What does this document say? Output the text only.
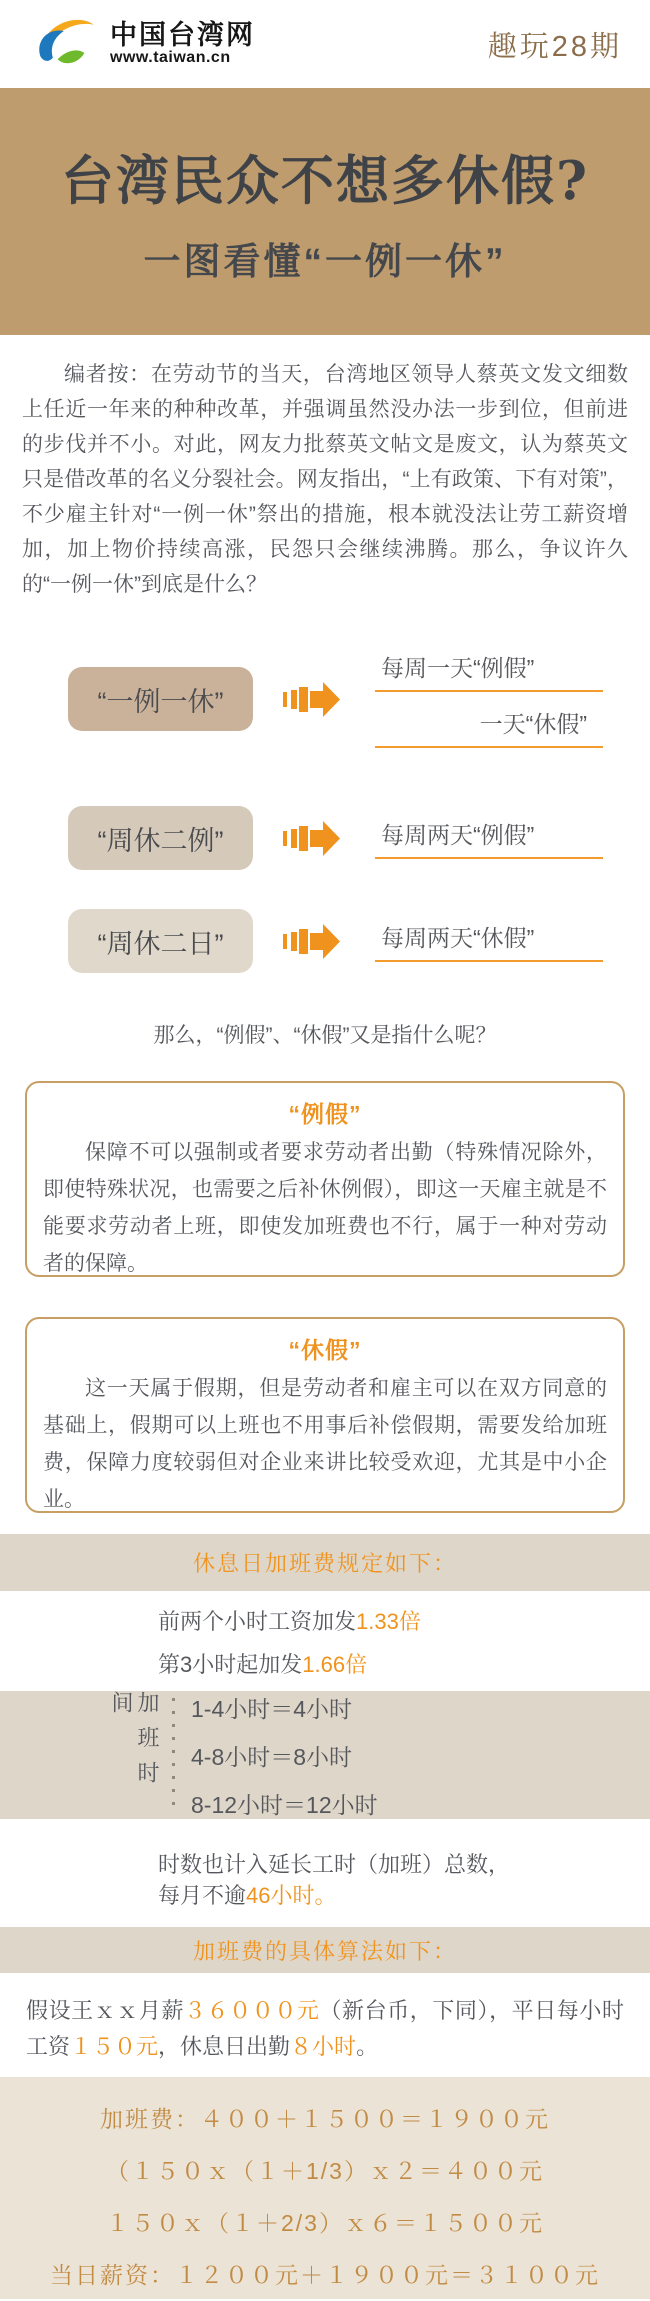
中国台湾网
www.taiwan.cn	趣玩28期
台湾民众不想多休假?
一图看懂“一例一休”

编者按：在劳动节的当天，台湾地区领导人蔡英文发文细数上任近一年来的种种改革，并强调虽然没办法一步到位，但前进的步伐并不小。对此，网友力批蔡英文帖文是废文，认为蔡英文只是借改革的名义分裂社会。网友指出，“上有政策、下有对策”，不少雇主针对“一例一休”祭出的措施，根本就没法让劳工薪资增加，加上物价持续高涨，民怨只会继续沸腾。那么，争议许久的“一例一休”到底是什么？

“一例一休”
每周一天“例假”
一天“休假”
“周休二例”	每周两天“例假”
“周休二日”	每周两天“休假”
那么，“例假”、“休假”又是指什么呢？
“例假”

保障不可以强制或者要求劳动者出勤（特殊情况除外，即使特殊状况，也需要之后补休例假），即这一天雇主就是不能要求劳动者上班，即使发加班费也不行，属于一种对劳动者的保障。

“休假”

这一天属于假期，但是劳动者和雇主可以在双方同意的基础上，假期可以上班也不用事后补偿假期，需要发给加班费，保障力度较弱但对企业来讲比较受欢迎，尤其是中小企业。

休息日加班费规定如下：
前两个小时工资加发1.33倍
第3小时起加发1.66倍
加班时间	1-4小时＝4小时
4-8小时＝8小时
8-12小时＝12小时
时数也计入延长工时（加班）总数，
每月不逾46小时。
加班费的具体算法如下：

假设王ｘｘ月薪３６０００元（新台币，下同），平日每小时工资１５０元，休息日出勤８小时。

加班费：４００＋１５００＝１９００元
（１５０ｘ（１＋1/3）ｘ２＝４００元
１５０ｘ（１＋2/3）ｘ６＝１５００元
当日薪资：１２００元＋１９００元＝３１００元
